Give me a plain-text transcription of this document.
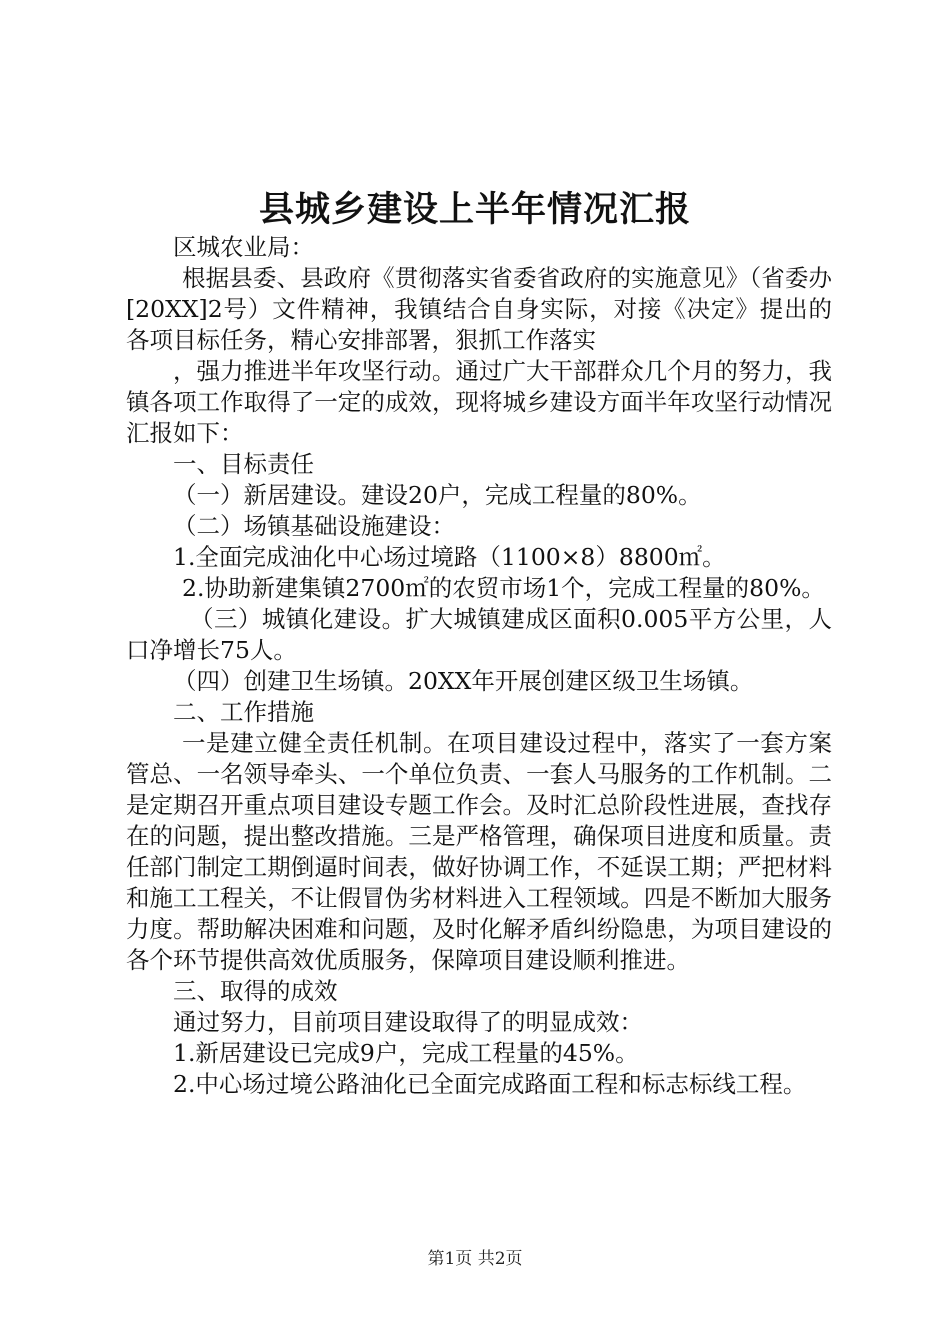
县城乡建设上半年情况汇报

区城农业局：

根据县委、县政府《贯彻落实省委省政府的实施意见》（省委办[20XX]2号）文件精神，我镇结合自身实际，对接《决定》提出的各项目标任务，精心安排部署，狠抓工作落实

，强力推进半年攻坚行动。通过广大干部群众几个月的努力，我镇各项工作取得了一定的成效，现将城乡建设方面半年攻坚行动情况汇报如下：

一、目标责任

（一）新居建设。建设20户，完成工程量的80%。

（二）场镇基础设施建设：

1.全面完成油化中心场过境路（1100×8）8800㎡。

2.协助新建集镇2700㎡的农贸市场1个，完成工程量的80%。

（三）城镇化建设。扩大城镇建成区面积0.005平方公里，人口净增长75人。

（四）创建卫生场镇。20XX年开展创建区级卫生场镇。

二、工作措施

一是建立健全责任机制。在项目建设过程中，落实了一套方案管总、一名领导牵头、一个单位负责、一套人马服务的工作机制。二是定期召开重点项目建设专题工作会。及时汇总阶段性进展，查找存在的问题，提出整改措施。三是严格管理，确保项目进度和质量。责任部门制定工期倒逼时间表，做好协调工作，不延误工期；严把材料和施工工程关，不让假冒伪劣材料进入工程领域。四是不断加大服务力度。帮助解决困难和问题，及时化解矛盾纠纷隐患，为项目建设的各个环节提供高效优质服务，保障项目建设顺利推进。

三、取得的成效

通过努力，目前项目建设取得了的明显成效：

1.新居建设已完成9户，完成工程量的45%。

2.中心场过境公路油化已全面完成路面工程和标志标线工程。

第1页 共2页
